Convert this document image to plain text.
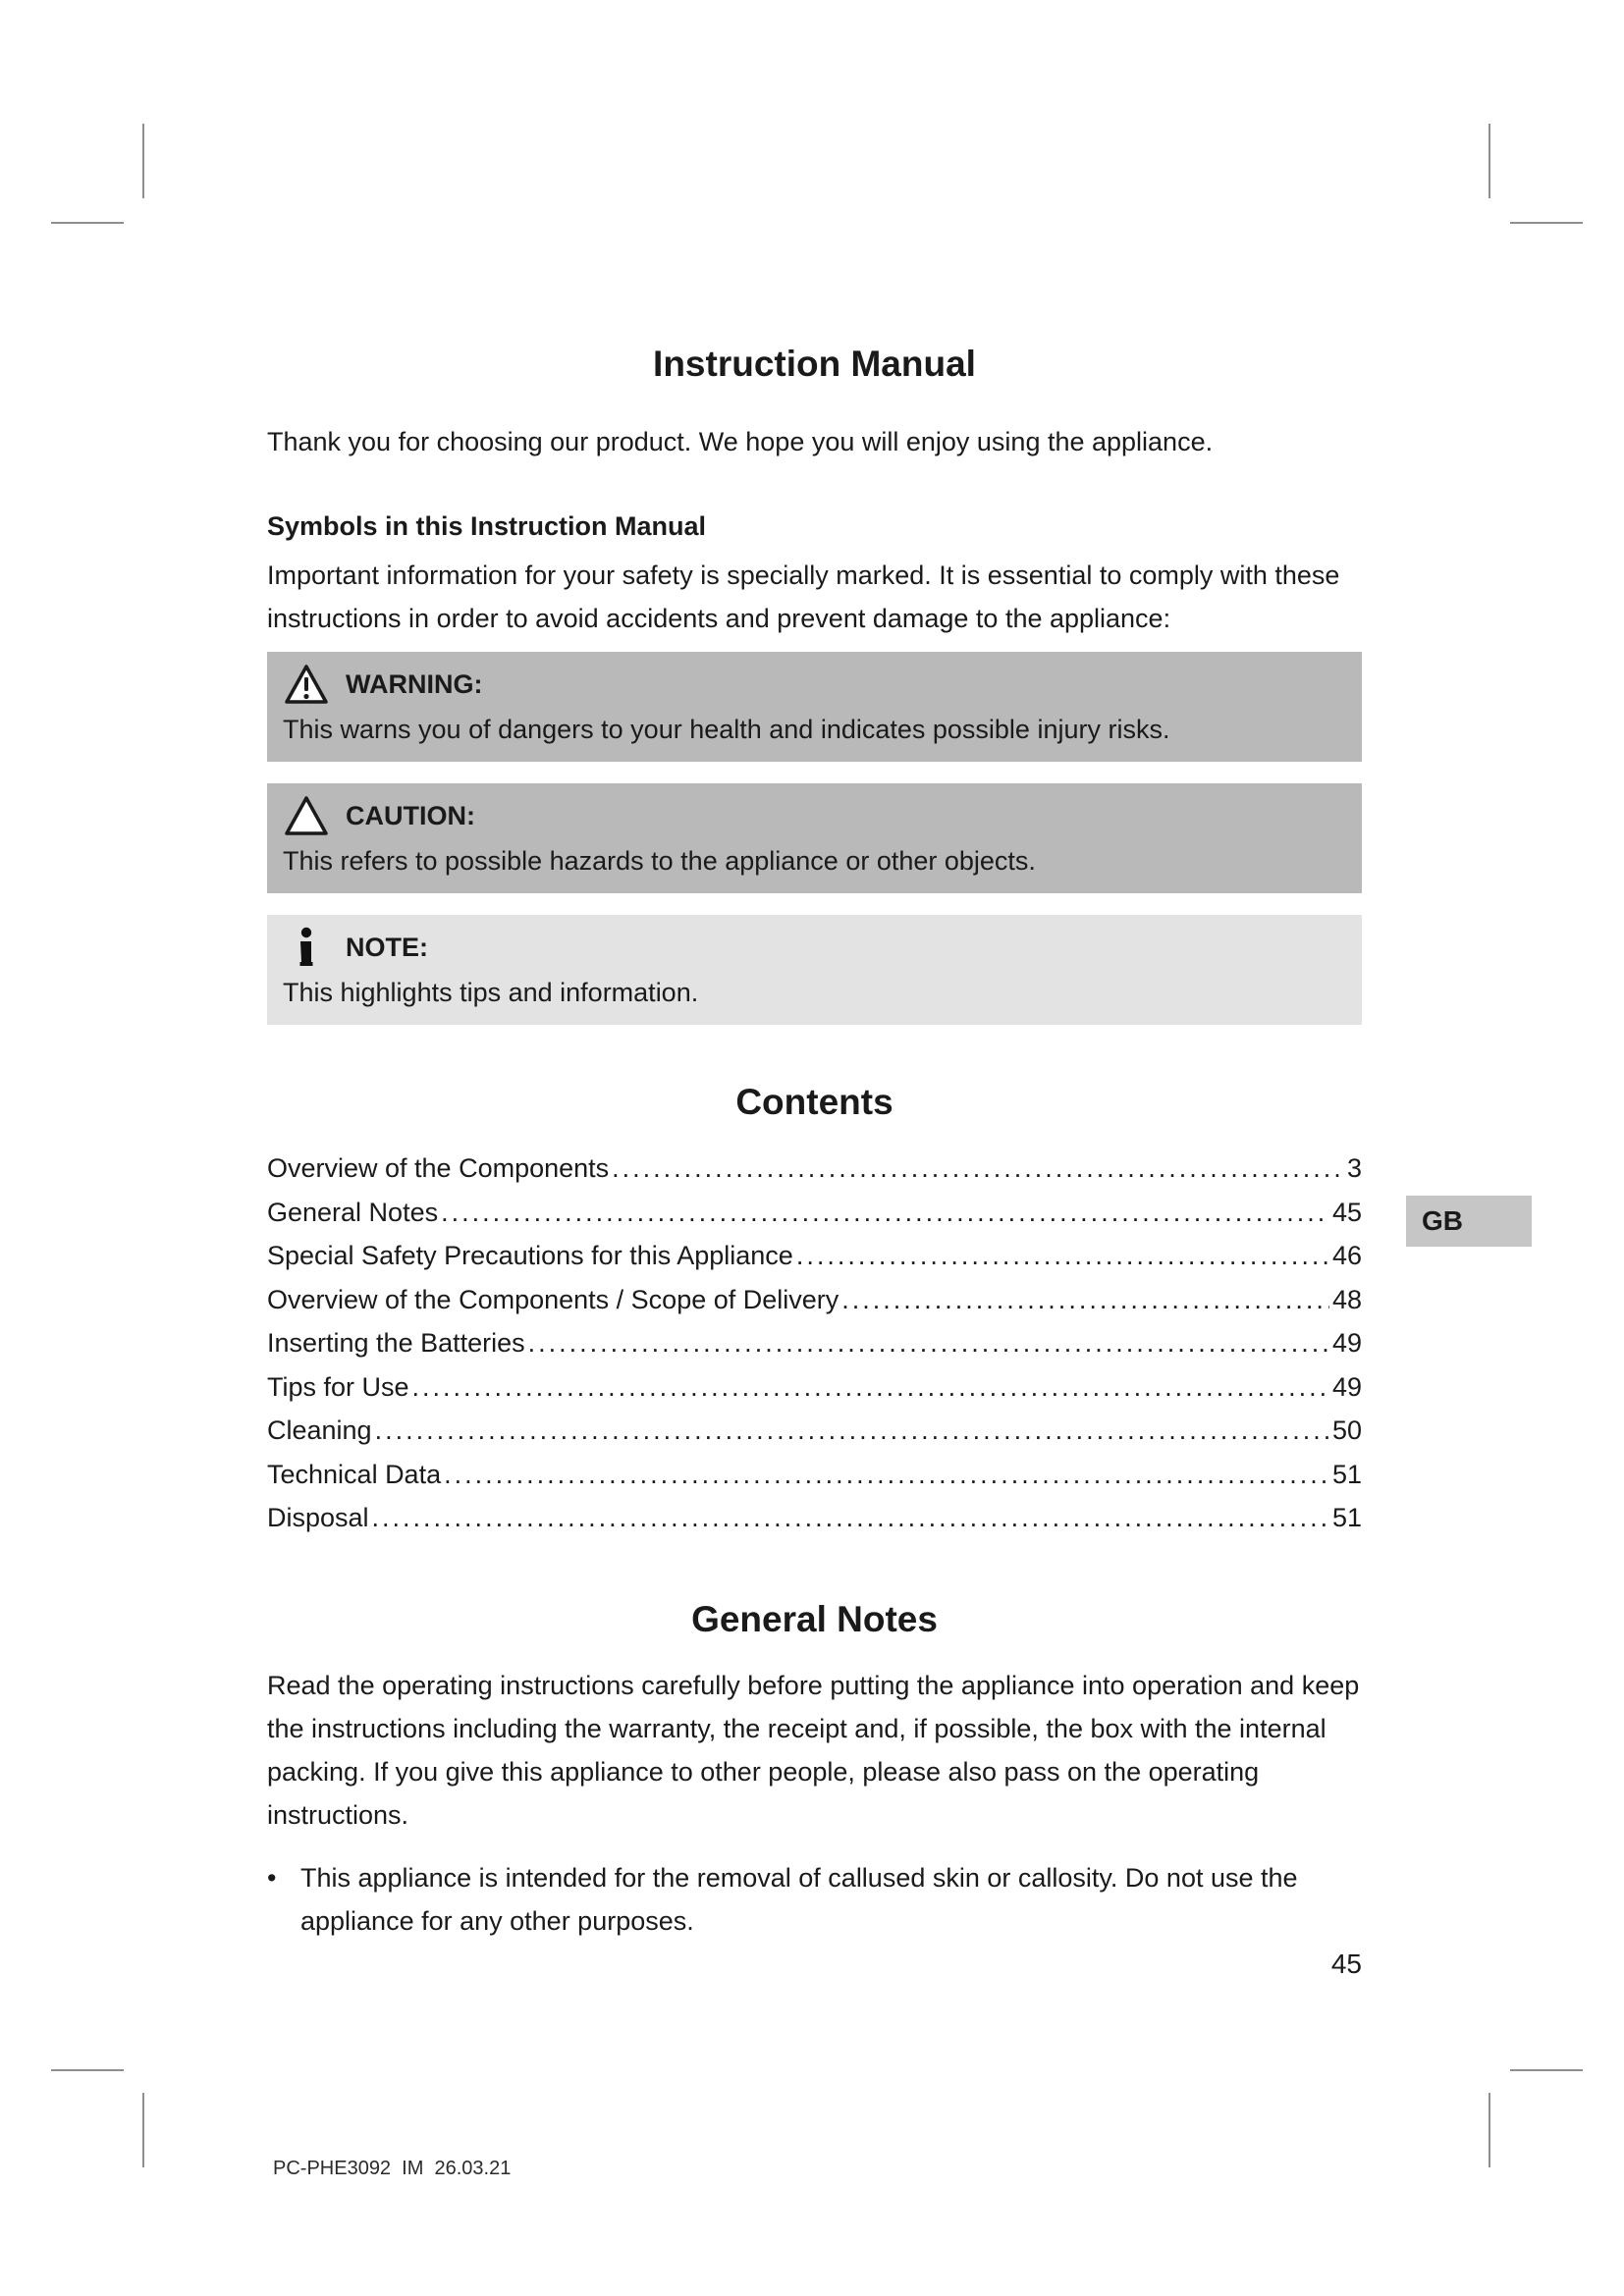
Instruction Manual

Thank you for choosing our product. We hope you will enjoy using the appliance.

Symbols in this Instruction Manual

Important information for your safety is specially marked. It is essential to comply with these instructions in order to avoid accidents and prevent damage to the appliance:

WARNING:
This warns you of dangers to your health and indicates possible injury risks.
CAUTION:
This refers to possible hazards to the appliance or other objects.
NOTE:
This highlights tips and information.
Contents
Overview of the Components .....	3
General Notes .....	45
Special Safety Precautions for this Appliance .....	46
Overview of the Components / Scope of Delivery .....	48
Inserting the Batteries .....	49
Tips for Use .....	49
Cleaning .....	50
Technical Data .....	51
Disposal .....	51
General Notes

Read the operating instructions carefully before putting the appliance into operation and keep the instructions including the warranty, the receipt and, if possible, the box with the internal packing. If you give this appliance to other people, please also pass on the operating instructions.

•
This appliance is intended for the removal of callused skin or callosity. Do not use the appliance for any other purposes.
GB
45
PC-PHE3092  IM  26.03.21
